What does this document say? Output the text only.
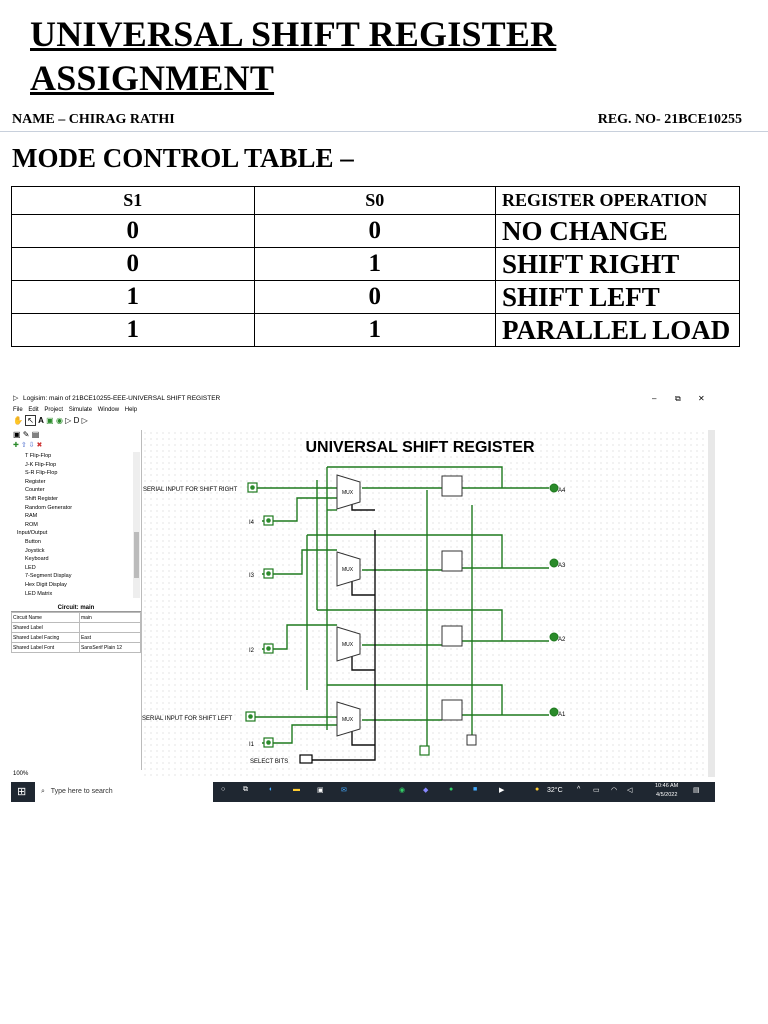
UNIVERSAL SHIFT REGISTER
ASSIGNMENT
NAME – CHIRAG RATHI	REG. NO- 21BCE10255
MODE CONTROL TABLE –
S1	S0	REGISTER OPERATION
0	0	NO CHANGE
0	1	SHIFT RIGHT
1	0	SHIFT LEFT
1	1	PARALLEL LOAD
▷ Logisim: main of 21BCE10255-EEE-UNIVERSAL SHIFT REGISTER	– ⧉ ✕
File Edit Project Simulate Window Help
✋ ↖ A ▣ ◉ ▷ D ▷
▣ ✎ ▤
✚ ⇧ ⇩ ✖
T Flip-Flop
J-K Flip-Flop
S-R Flip-Flop
Register
Counter
Shift Register
Random Generator
RAM
ROM
Input/Output
Button
Joystick
Keyboard
LED
7-Segment Display
Hex Digit Display
LED Matrix
Circuit: main
Circuit Name	main
Shared Label	
Shared Label Facing	East
Shared Label Font	SansSerif Plain 12
100%
UNIVERSAL SHIFT REGISTER
SERIAL INPUT FOR SHIFT RIGHT
SERIAL INPUT FOR SHIFT LEFT
SELECT BITS
I4
I3
I2
I1
A4
A3
A2
A1
MUX
MUX
MUX
MUX
⊞	⌕ Type here to search	○	⧉	◐	▬ ▣ ✉	◉	◆	●	■	▶	● 32°C ^ ▭ ◠ ◁
10:46 AM
4/5/2022
▤
